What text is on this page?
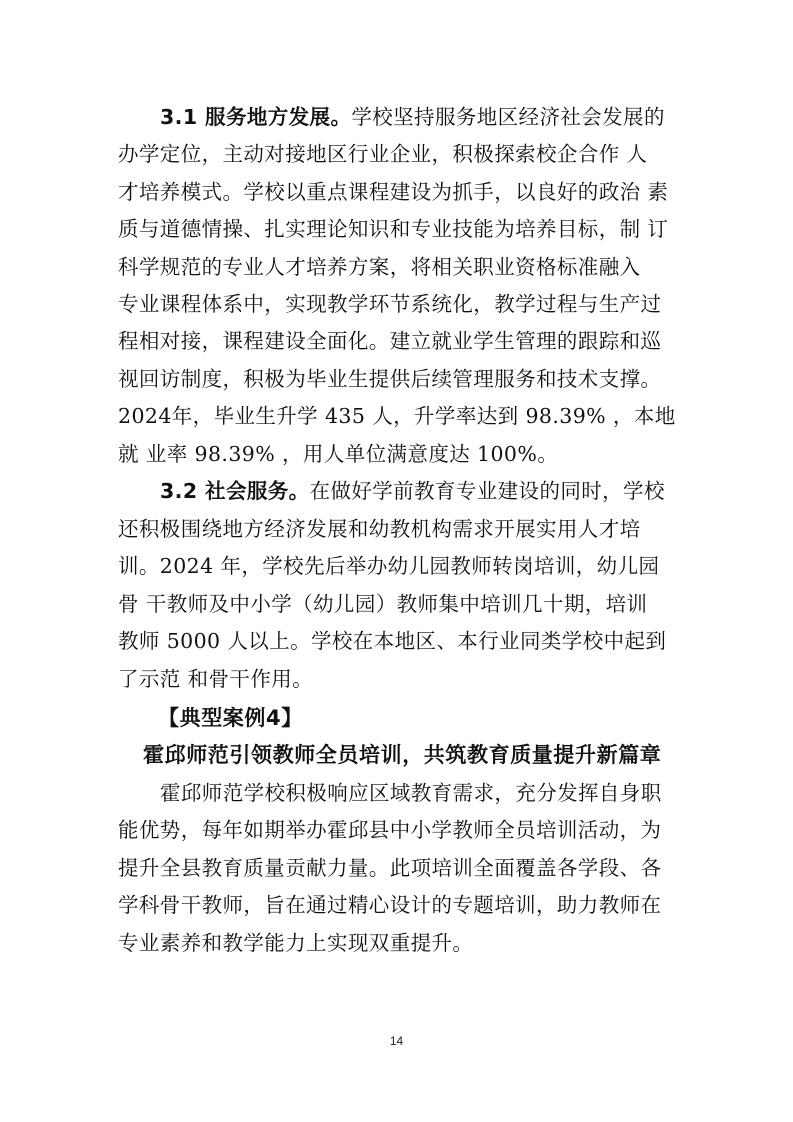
3.1 服务地方发展。学校坚持服务地区经济社会发展的
办学定位，主动对接地区行业企业，积极探索校企合作 人
才培养模式。学校以重点课程建设为抓手，以良好的政治 素
质与道德情操、扎实理论知识和专业技能为培养目标，制 订
科学规范的专业人才培养方案，将相关职业资格标准融入
专业课程体系中，实现教学环节系统化，教学过程与生产过
程相对接，课程建设全面化。建立就业学生管理的跟踪和巡
视回访制度，积极为毕业生提供后续管理服务和技术支撑。
2024年，毕业生升学 435 人，升学率达到 98.39% ，本地
就 业率 98.39% ，用人单位满意度达 100%。
3.2 社会服务。在做好学前教育专业建设的同时，学校
还积极围绕地方经济发展和幼教机构需求开展实用人才培
训。2024 年，学校先后举办幼儿园教师转岗培训，幼儿园
骨 干教师及中小学（幼儿园）教师集中培训几十期，培训
教师 5000 人以上。学校在本地区、本行业同类学校中起到
了示范 和骨干作用。
【典型案例4】
霍邱师范引领教师全员培训，共筑教育质量提升新篇章
霍邱师范学校积极响应区域教育需求，充分发挥自身职
能优势，每年如期举办霍邱县中小学教师全员培训活动，为
提升全县教育质量贡献力量。此项培训全面覆盖各学段、各
学科骨干教师，旨在通过精心设计的专题培训，助力教师在
专业素养和教学能力上实现双重提升。
14
